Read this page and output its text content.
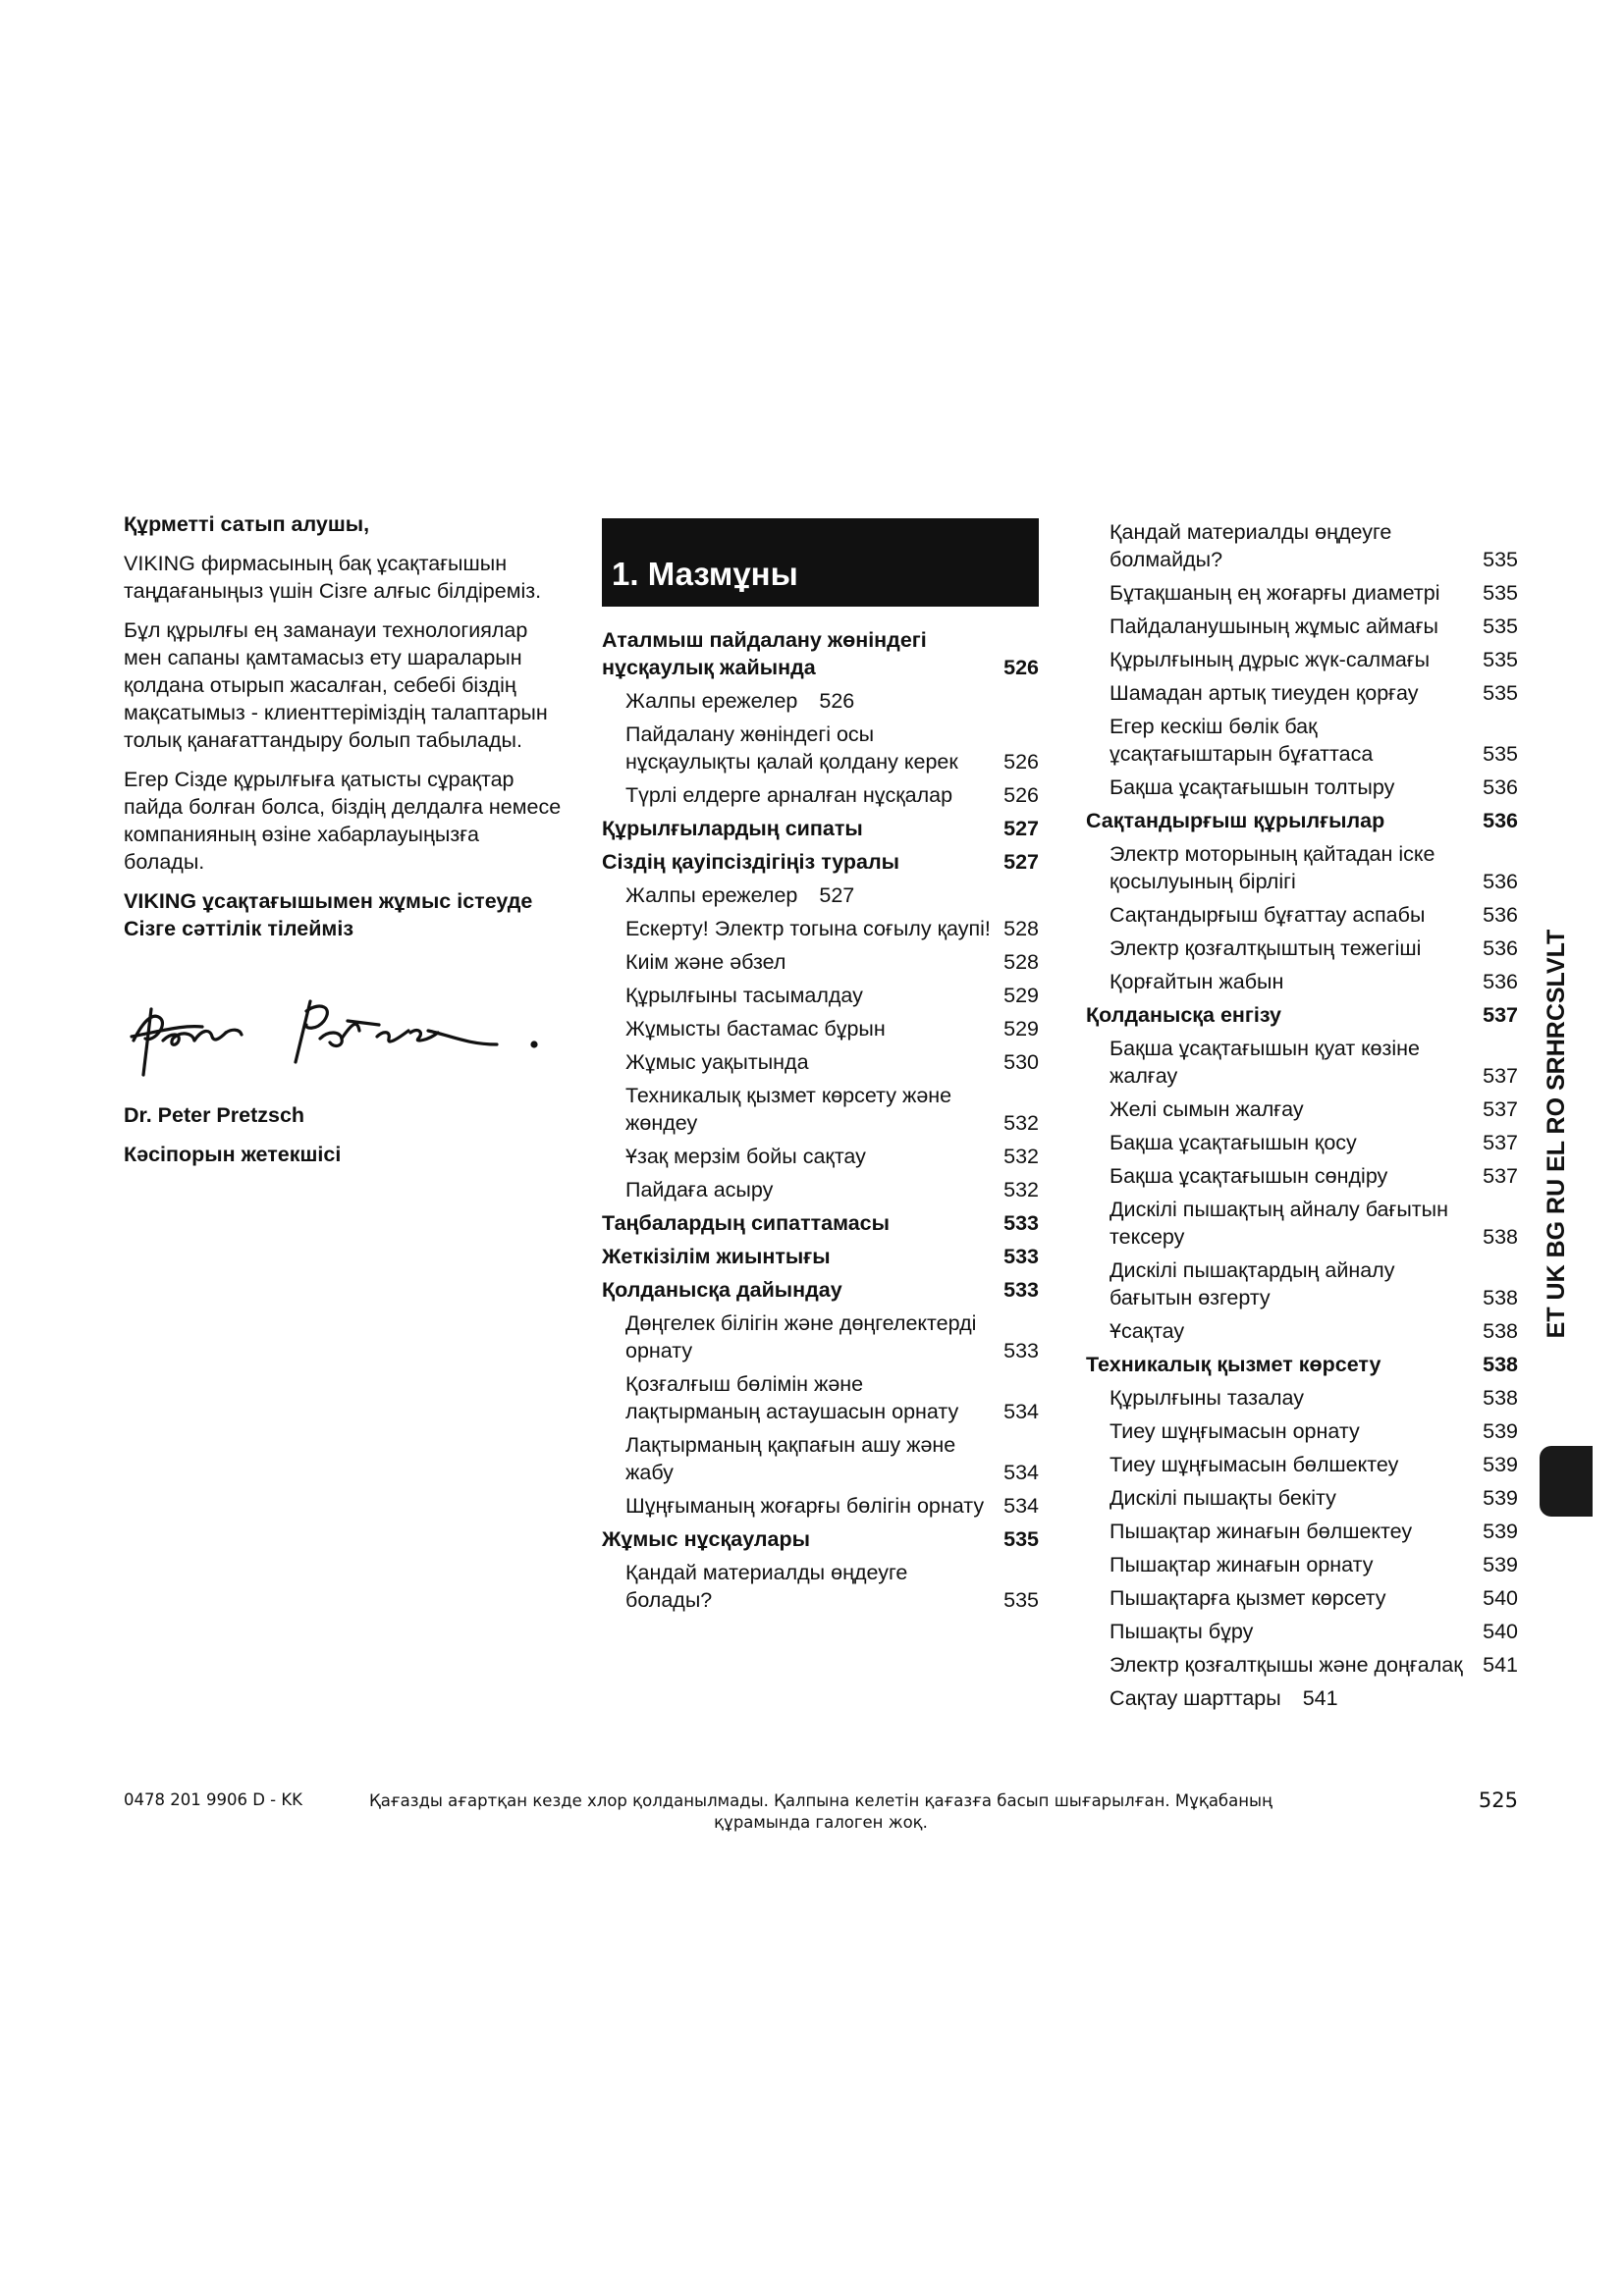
Құрметті сатып алушы,

VIKING фирмасының бақ ұсақтағышын таңдағаныңыз үшін Сізге алғыс білдіреміз.

Бұл құрылғы ең заманауи технологиялар мен сапаны қамтамасыз ету шараларын қолдана отырып жасалған, себебі біздің мақсатымыз - клиенттеріміздің талаптарын толық қанағаттандыру болып табылады.

Егер Сізде құрылғыға қатысты сұрақтар пайда болған болса, біздің делдалға немесе компанияның өзіне хабарлауыңызға болады.

VIKING ұсақтағышымен жұмыс істеуде Сізге сәттілік тілейміз

Dr. Peter Pretzsch

Кәсіпорын жетекшісі

1. Мазмұны
Аталмыш пайдалану жөніндегі нұсқаулық жайында	526
Жалпы ережелер	526
Пайдалану жөніндегі осы нұсқаулықты қалай қолдану керек	526
Түрлі елдерге арналған нұсқалар	526
Құрылғылардың сипаты	527
Сіздің қауіпсіздігіңіз туралы	527
Жалпы ережелер	527
Ескерту! Электр тогына соғылу қаупі! 528
Киім және әбзел	528
Құрылғыны тасымалдау	529
Жұмысты бастамас бұрын	529
Жұмыс уақытында	530
Техникалық қызмет көрсету және жөндеу	532
Ұзақ мерзім бойы сақтау	532
Пайдаға асыру	532
Таңбалардың сипаттамасы	533
Жеткізілім жиынтығы	533
Қолданысқа дайындау	533
Дөңгелек білігін және дөңгелектерді орнату	533
Қозғалғыш бөлімін және лақтырманың астаушасын орнату	534
Лақтырманың қақпағын ашу және жабу	534
Шұңғыманың жоғарғы бөлігін орнату 534
Жұмыс нұсқаулары	535
Қандай материалды өңдеуге болады?	535
Қандай материалды өңдеуге болмайды?	535
Бұтақшаның ең жоғарғы диаметрі	535
Пайдаланушының жұмыс аймағы	535
Құрылғының дұрыс жүк-салмағы	535
Шамадан артық тиеуден қорғау	535
Егер кескіш бөлік бақ ұсақтағыштарын бұғаттаса	535
Бақша ұсақтағышын толтыру	536
Сақтандырғыш құрылғылар	536
Электр моторының қайтадан іске қосылуының бірлігі	536
Сақтандырғыш бұғаттау аспабы	536
Электр қозғалтқыштың тежегіші	536
Қорғайтын жабын	536
Қолданысқа енгізу	537
Бақша ұсақтағышын қуат көзіне жалғау	537
Желі сымын жалғау	537
Бақша ұсақтағышын қосу	537
Бақша ұсақтағышын сөндіру	537
Дискілі пышақтың айналу бағытын тексеру	538
Дискілі пышақтардың айналу бағытын өзгерту	538
Ұсақтау	538
Техникалық қызмет көрсету	538
Құрылғыны тазалау	538
Тиеу шұңғымасын орнату	539
Тиеу шұңғымасын бөлшектеу	539
Дискілі пышақты бекіту	539
Пышақтар жинағын бөлшектеу	539
Пышақтар жинағын орнату	539
Пышақтарға қызмет көрсету	540
Пышақты бұру	540
Электр қозғалтқышы және доңғалақ 541
Сақтау шарттары	541
ET UK BG RU EL RO SRHRCSLVLT
0478 201 9906 D - KK	Қағазды ағартқан кезде хлор қолданылмады. Қалпына келетін қағазға басып шығарылған. Мұқабаның құрамында галоген жоқ.
525
